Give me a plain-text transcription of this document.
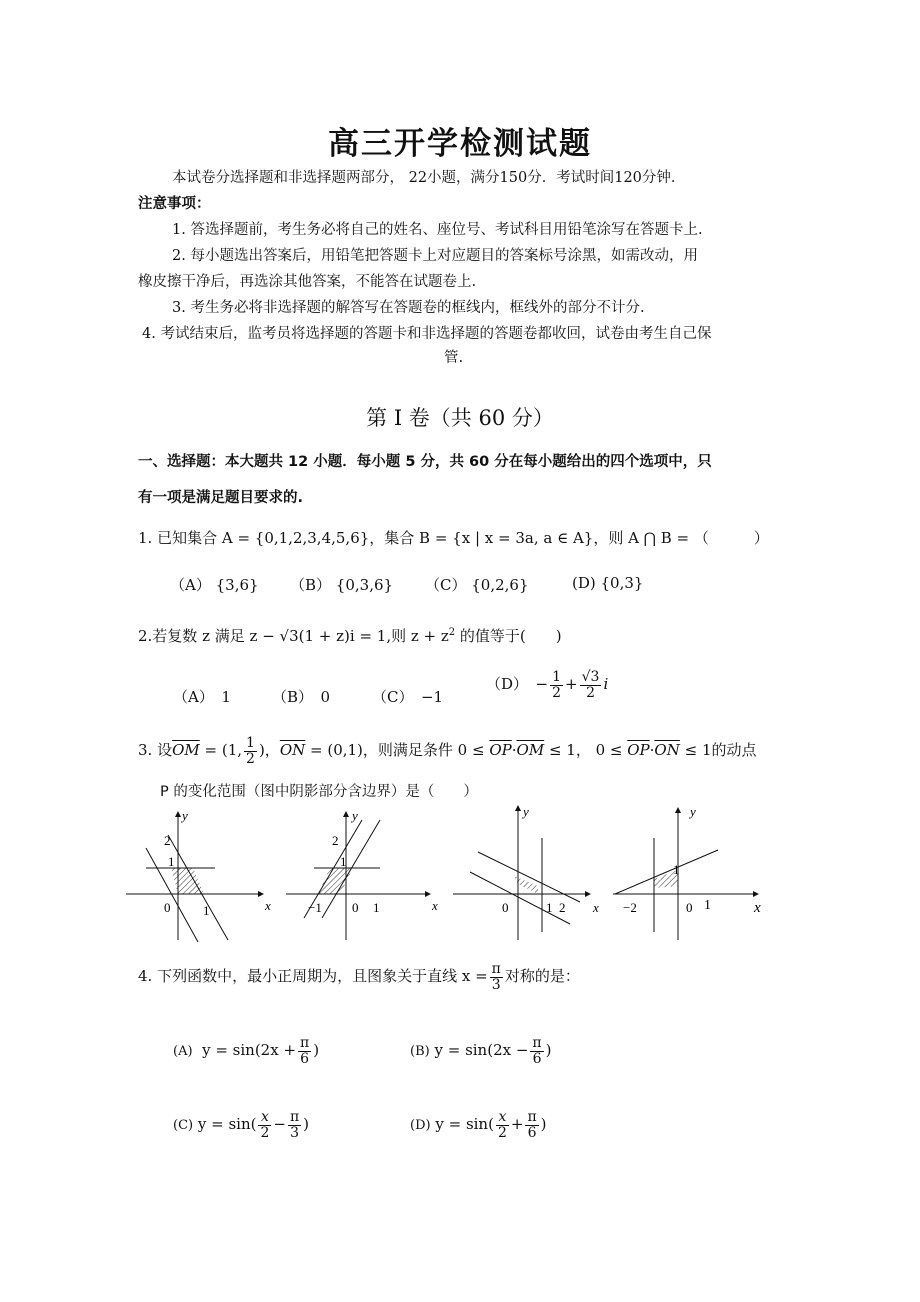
高三开学检测试题
本试卷分选择题和非选择题两部分， 22小题，满分150分．考试时间120分钟．
注意事项：
1. 答选择题前，考生务必将自己的姓名、座位号、考试科目用铅笔涂写在答题卡上.
2. 每小题选出答案后，用铅笔把答题卡上对应题目的答案标号涂黑，如需改动，用
橡皮擦干净后，再选涂其他答案，不能答在试题卷上.
3. 考生务必将非选择题的解答写在答题卷的框线内，框线外的部分不计分.
4. 考试结束后，监考员将选择题的答题卡和非选择题的答题卷都收回，试卷由考生自己保
管.
第 I 卷（共 60 分）
一、选择题：本大题共 12 小题．每小题 5 分，共 60 分在每小题给出的四个选项中，只
有一项是满足题目要求的.
1. 已知集合 A = {0,1,2,3,4,5,6}，集合 B = {x | x = 3a, a ∈ A}，则 A ⋂ B = （　　　）
（A） {3,6} （B） {0,3,6} （C） {0,2,6}	(D) {0,3}
2.若复数 z 满足 z − √3(1 + z)i = 1,则 $z + z^2$ 的值等于(　　)
（A）　1	（B）　0	（C）　−1
（D）　− $\frac{1}{2} + \frac{√3}{2}$ i
3. 设$\overline{OM} = (1$, $\frac{1}{2}$ )，$\overline{ON} = (0,1)$，则满足条件 $0 \le \overline{OP}\cdot\overline{OM} \le 1$， $0 \le \overline{OP}\cdot\overline{ON} \le 1$的动点
P 的变化范围（图中阴影部分含边界）是（　　）
y
x
2
1
0	1
y
x
2
1
−1 0 1
y
x
0	1 2
y
x
−2	0
1
1
4. 下列函数中，最小正周期为，且图象关于直线 $x = \frac{\pi}{3}$ 对称的是：
(A) $y = \sin(2x + \frac{\pi}{6}$ )	(B) $y = \sin(2x - \frac{\pi}{6}$ )
(C) $y = \sin( \frac{x}{2} - \frac{\pi}{3}$ )	(D) $y = \sin( \frac{x}{2} + \frac{\pi}{6}$ )
